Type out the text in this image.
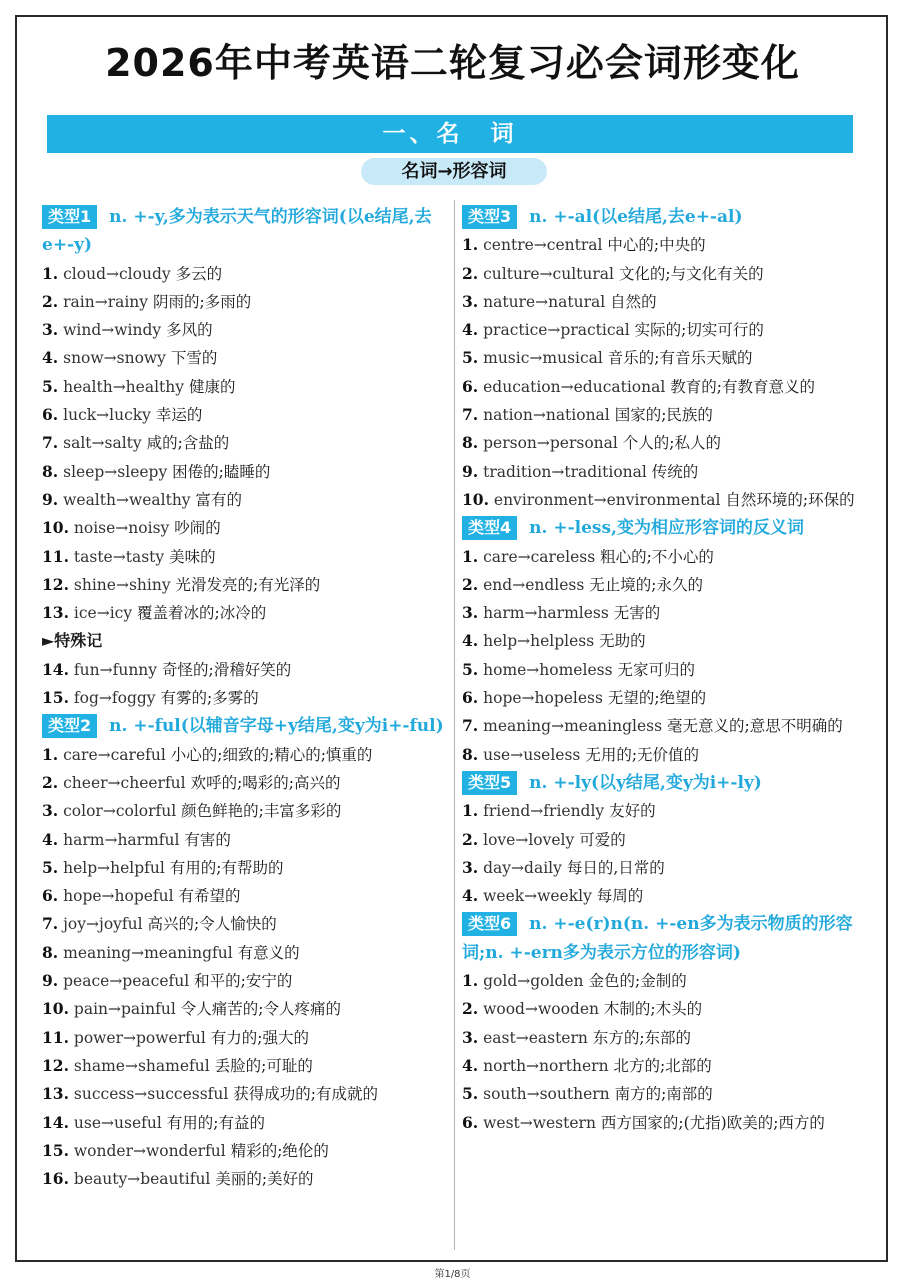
2026年中考英语二轮复习必会词形变化
一、名　词
名词→形容词

类型1 n. +-y,多为表示天气的形容词(以e结尾,去e+-y)

1. cloud→cloudy 多云的

2. rain→rainy 阴雨的;多雨的

3. wind→windy 多风的

4. snow→snowy 下雪的

5. health→healthy 健康的

6. luck→lucky 幸运的

7. salt→salty 咸的;含盐的

8. sleep→sleepy 困倦的;瞌睡的

9. wealth→wealthy 富有的

10. noise→noisy 吵闹的

11. taste→tasty 美味的

12. shine→shiny 光滑发亮的;有光泽的

13. ice→icy 覆盖着冰的;冰冷的

►特殊记

14. fun→funny 奇怪的;滑稽好笑的

15. fog→foggy 有雾的;多雾的

类型2 n. +-ful(以辅音字母+y结尾,变y为i+-ful)

1. care→careful 小心的;细致的;精心的;慎重的

2. cheer→cheerful 欢呼的;喝彩的;高兴的

3. color→colorful 颜色鲜艳的;丰富多彩的

4. harm→harmful 有害的

5. help→helpful 有用的;有帮助的

6. hope→hopeful 有希望的

7. joy→joyful 高兴的;令人愉快的

8. meaning→meaningful 有意义的

9. peace→peaceful 和平的;安宁的

10. pain→painful 令人痛苦的;令人疼痛的

11. power→powerful 有力的;强大的

12. shame→shameful 丢脸的;可耻的

13. success→successful 获得成功的;有成就的

14. use→useful 有用的;有益的

15. wonder→wonderful 精彩的;绝伦的

16. beauty→beautiful 美丽的;美好的

类型3 n. +-al(以e结尾,去e+-al)

1. centre→central 中心的;中央的

2. culture→cultural 文化的;与文化有关的

3. nature→natural 自然的

4. practice→practical 实际的;切实可行的

5. music→musical 音乐的;有音乐天赋的

6. education→educational 教育的;有教育意义的

7. nation→national 国家的;民族的

8. person→personal 个人的;私人的

9. tradition→traditional 传统的

10. environment→environmental 自然环境的;环保的

类型4 n. +-less,变为相应形容词的反义词

1. care→careless 粗心的;不小心的

2. end→endless 无止境的;永久的

3. harm→harmless 无害的

4. help→helpless 无助的

5. home→homeless 无家可归的

6. hope→hopeless 无望的;绝望的

7. meaning→meaningless 毫无意义的;意思不明确的

8. use→useless 无用的;无价值的

类型5 n. +-ly(以y结尾,变y为i+-ly)

1. friend→friendly 友好的

2. love→lovely 可爱的

3. day→daily 每日的,日常的

4. week→weekly 每周的

类型6 n. +-e(r)n(n. +-en多为表示物质的形容词;n. +-ern多为表示方位的形容词)

1. gold→golden 金色的;金制的

2. wood→wooden 木制的;木头的

3. east→eastern 东方的;东部的

4. north→northern 北方的;北部的

5. south→southern 南方的;南部的

6. west→western 西方国家的;(尤指)欧美的;西方的

第1/8页
